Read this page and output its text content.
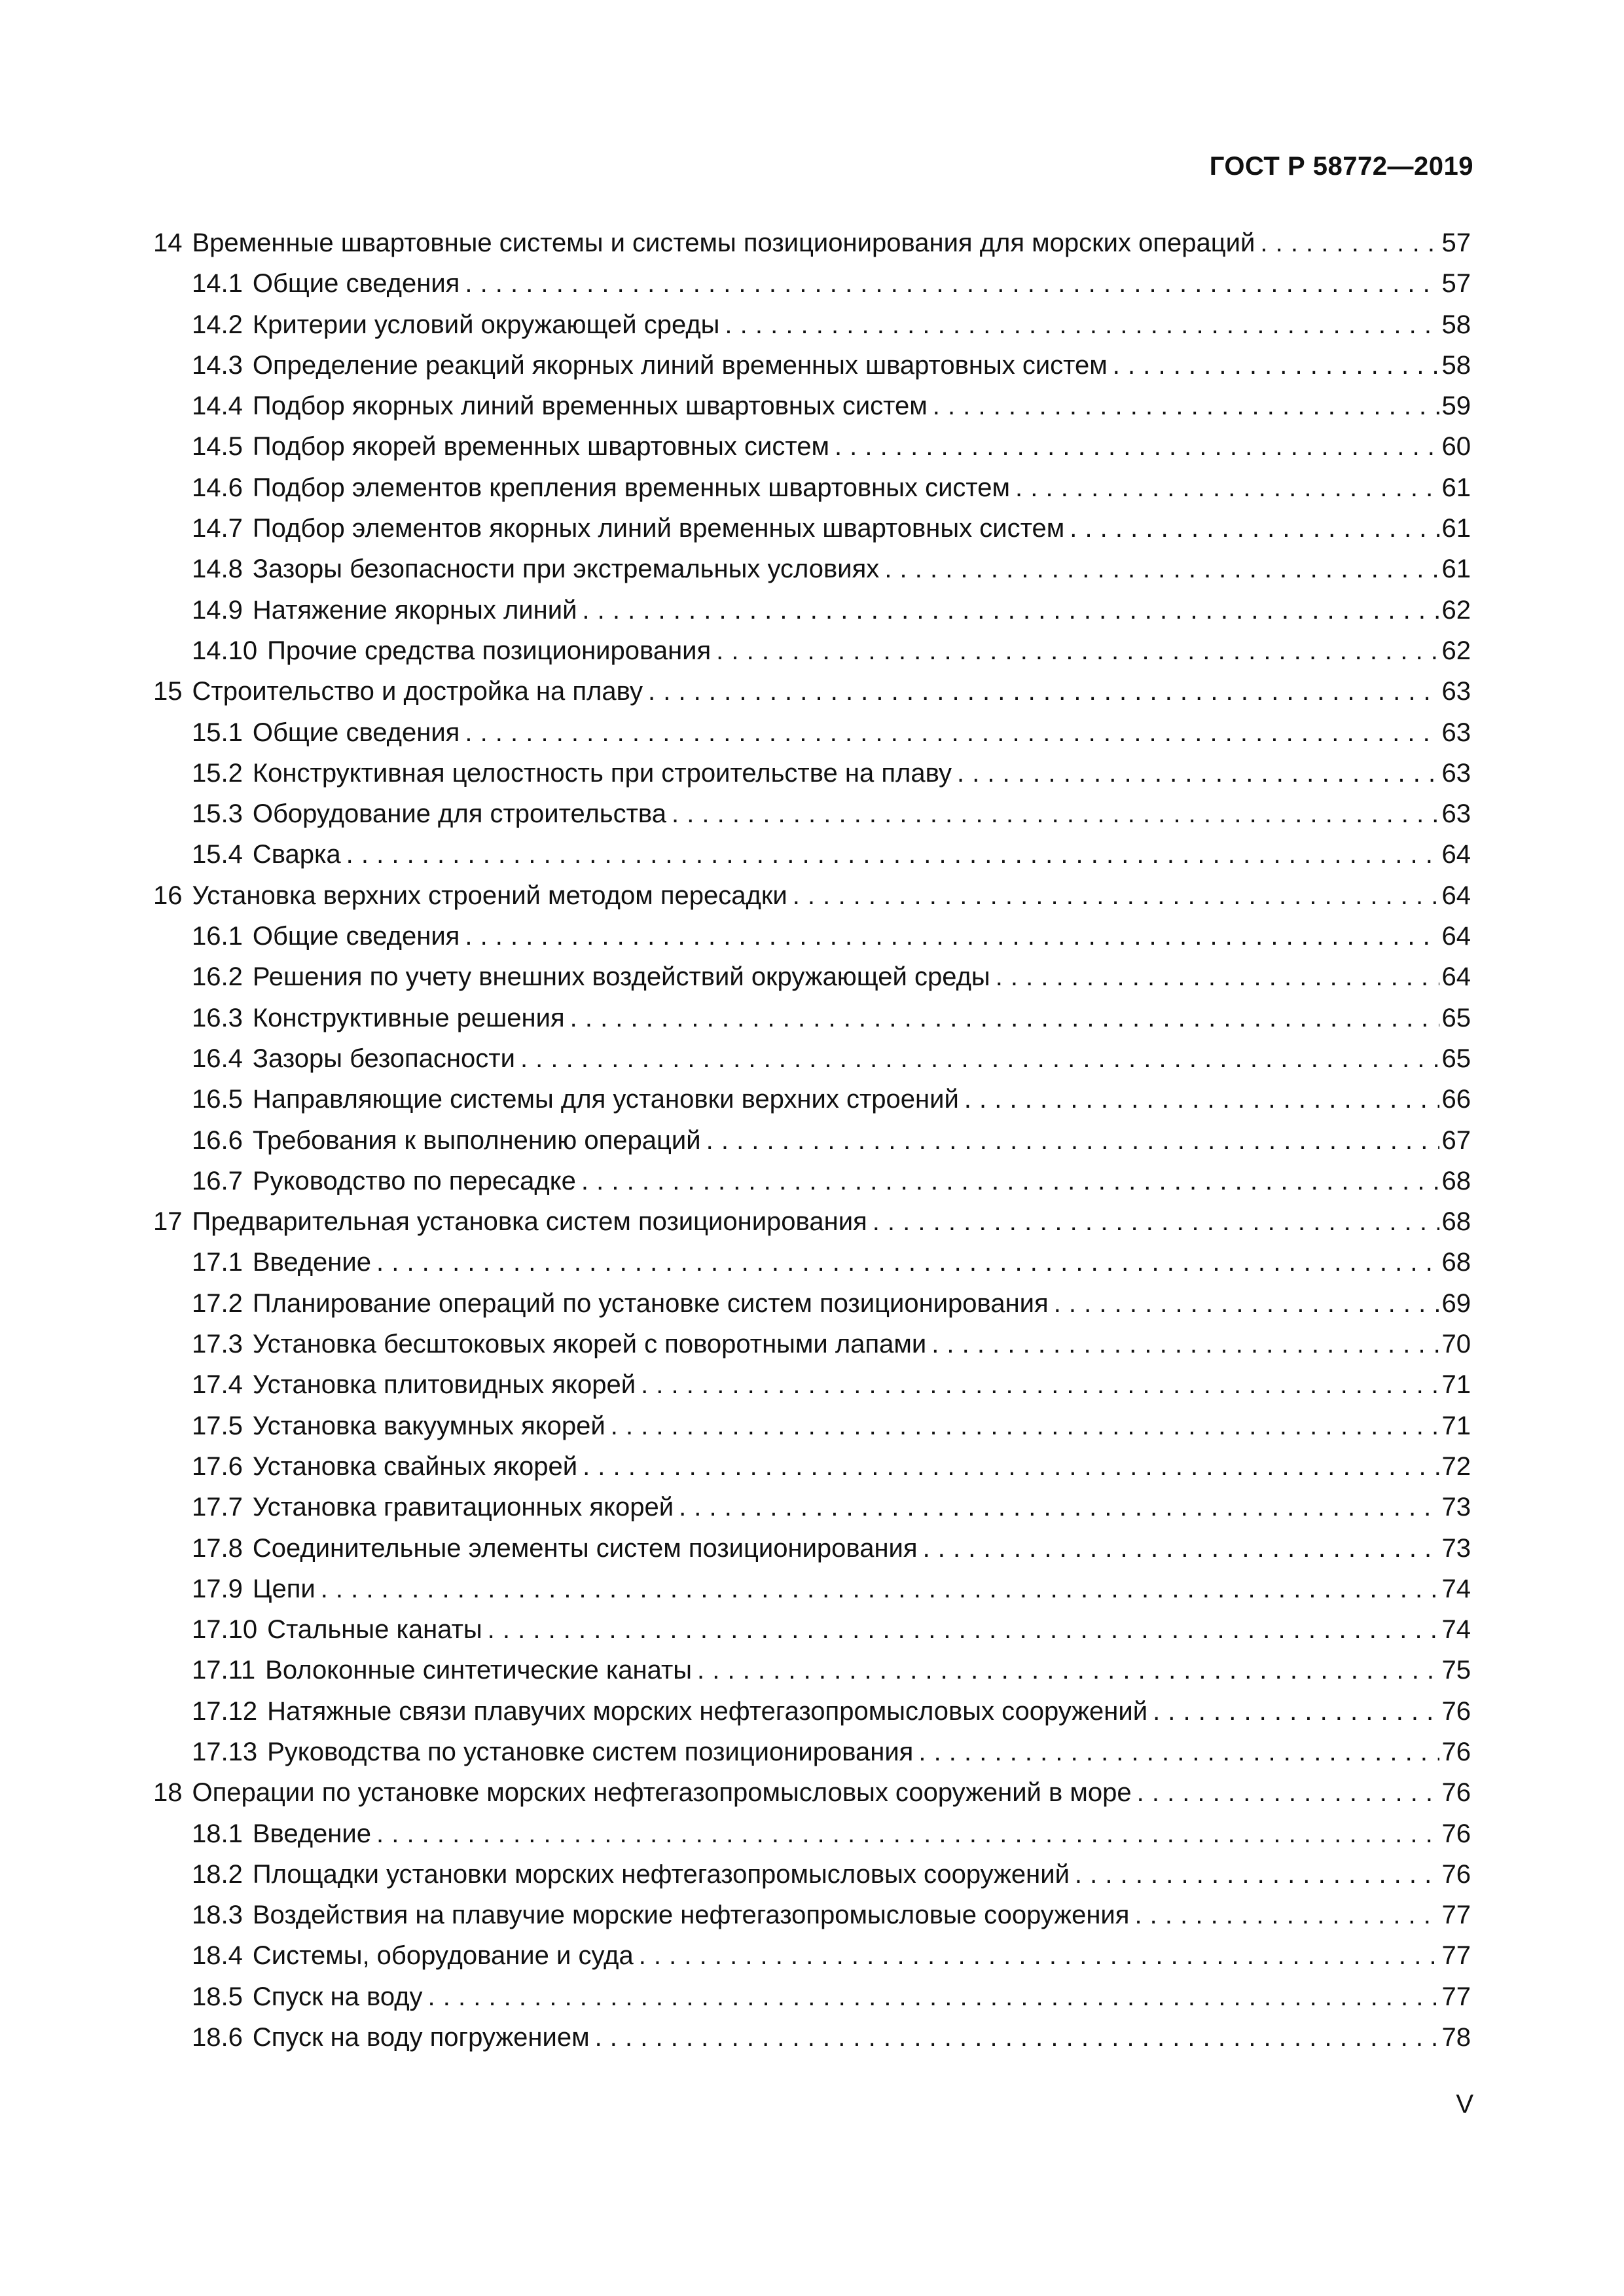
ГОСТ Р 58772—2019
14 Временные швартовные системы и системы позиционирования для морских операций . . .	57
14.1 Общие сведения . . .	57
14.2 Критерии условий окружающей среды . . .	58
14.3 Определение реакций якорных линий временных швартовных систем . . .	58
14.4 Подбор якорных линий временных швартовных систем . . .	59
14.5 Подбор якорей временных швартовных систем . . .	60
14.6 Подбор элементов крепления временных швартовных систем . . .	61
14.7 Подбор элементов якорных линий временных швартовных систем . . .	61
14.8 Зазоры безопасности при экстремальных условиях . . .	61
14.9 Натяжение якорных линий . . .	62
14.10 Прочие средства позиционирования . . .	62
15 Строительство и достройка на плаву . . .	63
15.1 Общие сведения . . .	63
15.2 Конструктивная целостность при строительстве на плаву . . .	63
15.3 Оборудование для строительства . . .	63
15.4 Сварка . . .	64
16 Установка верхних строений методом пересадки . . .	64
16.1 Общие сведения . . .	64
16.2 Решения по учету внешних воздействий окружающей среды . . .	64
16.3 Конструктивные решения . . .	65
16.4 Зазоры безопасности . . .	65
16.5 Направляющие системы для установки верхних строений . . .	66
16.6 Требования к выполнению операций . . .	67
16.7 Руководство по пересадке . . .	68
17 Предварительная установка систем позиционирования . . .	68
17.1 Введение . . .	68
17.2 Планирование операций по установке систем позиционирования . . .	69
17.3 Установка бесштоковых якорей с поворотными лапами . . .	70
17.4 Установка плитовидных якорей . . .	71
17.5 Установка вакуумных якорей . . .	71
17.6 Установка свайных якорей . . .	72
17.7 Установка гравитационных якорей . . .	73
17.8 Соединительные элементы систем позиционирования . . .	73
17.9 Цепи . . .	74
17.10 Стальные канаты . . .	74
17.11 Волоконные синтетические канаты . . .	75
17.12 Натяжные связи плавучих морских нефтегазопромысловых сооружений . . .	76
17.13 Руководства по установке систем позиционирования . . .	76
18 Операции по установке морских нефтегазопромысловых сооружений в море . . .	76
18.1 Введение . . .	76
18.2 Площадки установки морских нефтегазопромысловых сооружений . . .	76
18.3 Воздействия на плавучие морские нефтегазопромысловые сооружения . . .	77
18.4 Системы, оборудование и суда . . .	77
18.5 Спуск на воду . . .	77
18.6 Спуск на воду погружением . . .	78
V
